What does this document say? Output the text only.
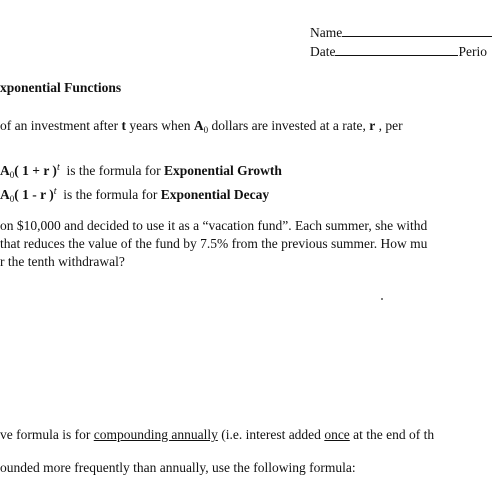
Name
Date	Perio
xponential Functions
of an investment after t years when $A_0$ dollars are invested at a rate, r , per
$A_0$( 1 + r )$^t$ is the formula for Exponential Growth
$A_0$( 1 - r )$^t$ is the formula for Exponential Decay
on $10,000 and decided to use it as a “vacation fund”. Each summer, she withd
that reduces the value of the fund by 7.5% from the previous summer. How mu
r the tenth withdrawal?
ve formula is for compounding annually (i.e. interest added once at the end of th
ounded more frequently than annually, use the following formula:
